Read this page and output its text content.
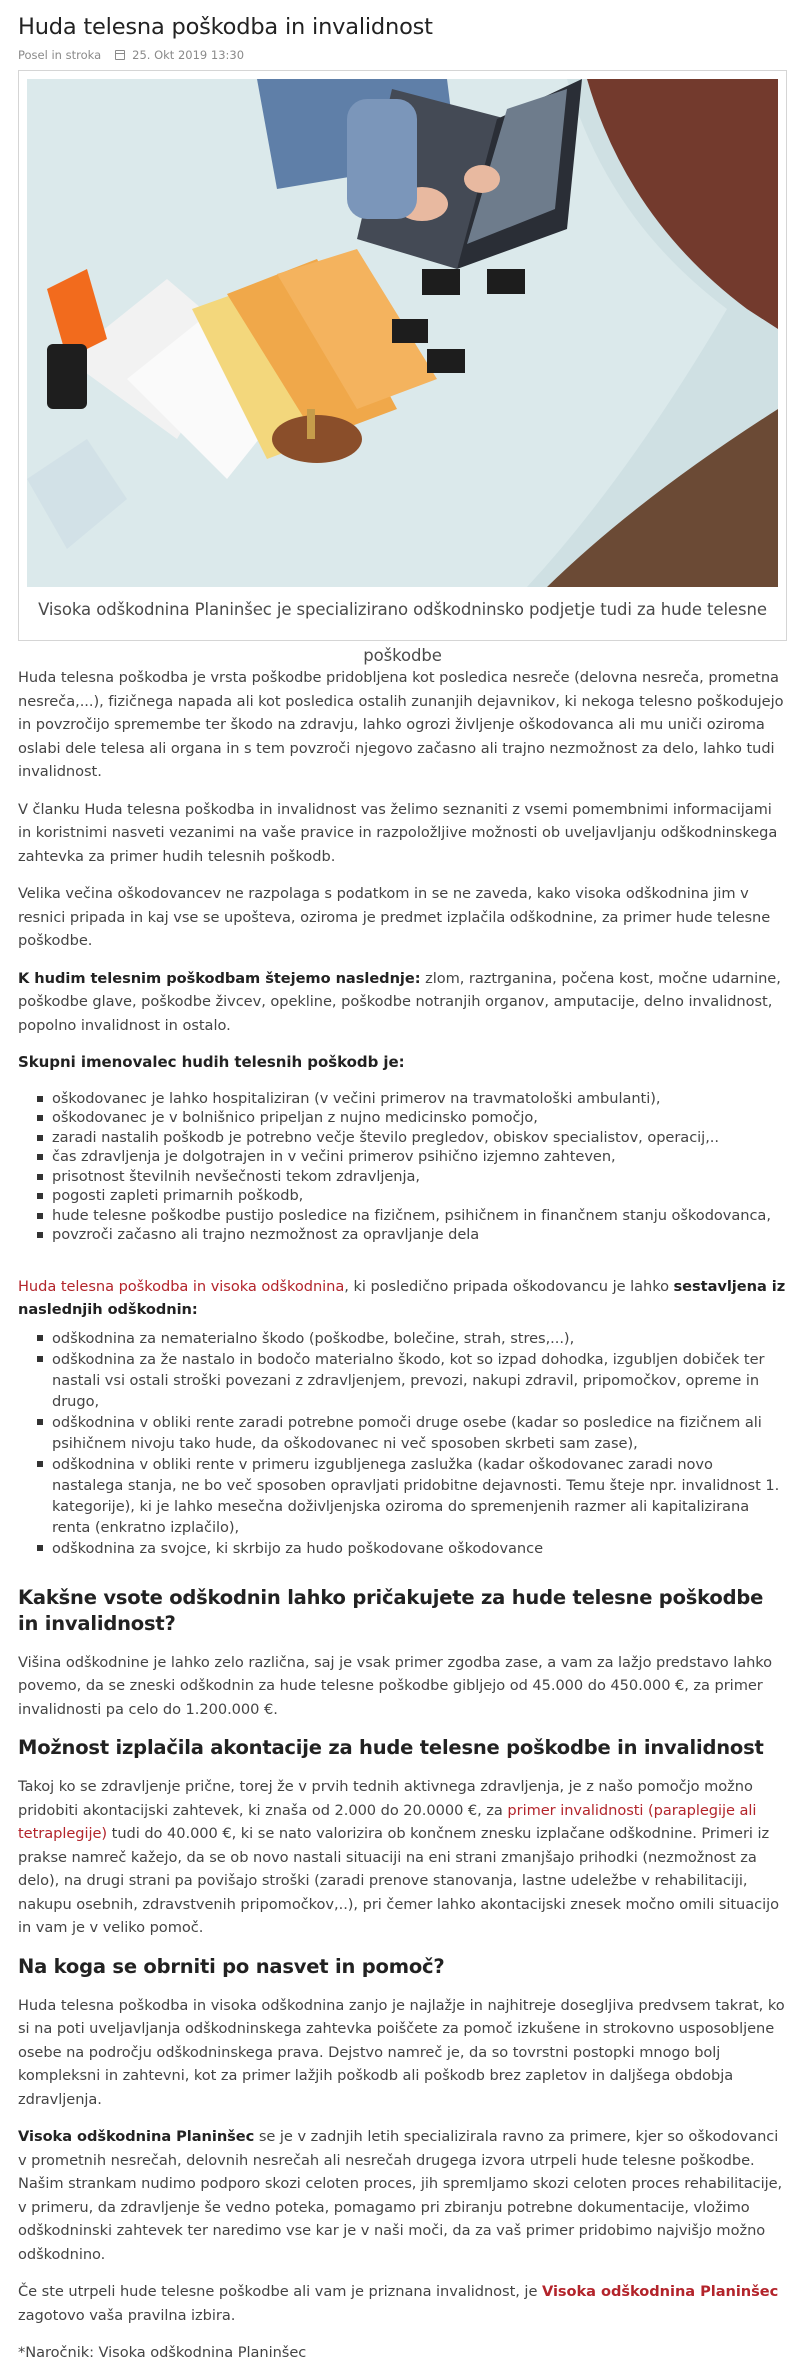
Huda telesna poškodba in invalidnost
Posel in stroka	25. Okt 2019 13:30
Visoka odškodnina Planinšec je specializirano odškodninsko podjetje tudi za hude telesne poškodbe

Huda telesna poškodba je vrsta poškodbe pridobljena kot posledica nesreče (delovna nesreča, prometna nesreča,...), fizičnega napada ali kot posledica ostalih zunanjih dejavnikov, ki nekoga telesno poškodujejo in povzročijo spremembe ter škodo na zdravju, lahko ogrozi življenje oškodovanca ali mu uniči oziroma oslabi dele telesa ali organa in s tem povzroči njegovo začasno ali trajno nezmožnost za delo, lahko tudi invalidnost.

V članku Huda telesna poškodba in invalidnost vas želimo seznaniti z vsemi pomembnimi informacijami in koristnimi nasveti vezanimi na vaše pravice in razpoložljive možnosti ob uveljavljanju odškodninskega zahtevka za primer hudih telesnih poškodb.

Velika večina oškodovancev ne razpolaga s podatkom in se ne zaveda, kako visoka odškodnina jim v resnici pripada in kaj vse se upošteva, oziroma je predmet izplačila odškodnine, za primer hude telesne poškodbe.

K hudim telesnim poškodbam štejemo naslednje: zlom, raztrganina, počena kost, močne udarnine, poškodbe glave, poškodbe živcev, opekline, poškodbe notranjih organov, amputacije, delno invalidnost, popolno invalidnost in ostalo.

Skupni imenovalec hudih telesnih poškodb je:
oškodovanec je lahko hospitaliziran (v večini primerov na travmatološki ambulanti),
oškodovanec je v bolnišnico pripeljan z nujno medicinsko pomočjo,
zaradi nastalih poškodb je potrebno večje število pregledov, obiskov specialistov, operacij,..
čas zdravljenja je dolgotrajen in v večini primerov psihično izjemno zahteven,
prisotnost številnih nevšečnosti tekom zdravljenja,
pogosti zapleti primarnih poškodb,
hude telesne poškodbe pustijo posledice na fizičnem, psihičnem in finančnem stanju oškodovanca,
povzroči začasno ali trajno nezmožnost za opravljanje dela

Huda telesna poškodba in visoka odškodnina, ki posledično pripada oškodovancu je lahko sestavljena iz naslednjih odškodnin:

odškodnina za nematerialno škodo (poškodbe, bolečine, strah, stres,...),
odškodnina za že nastalo in bodočo materialno škodo, kot so izpad dohodka, izgubljen dobiček ter nastali vsi ostali stroški povezani z zdravljenjem, prevozi, nakupi zdravil, pripomočkov, opreme in drugo,
odškodnina v obliki rente zaradi potrebne pomoči druge osebe (kadar so posledice na fizičnem ali psihičnem nivoju tako hude, da oškodovanec ni več sposoben skrbeti sam zase),
odškodnina v obliki rente v primeru izgubljenega zaslužka (kadar oškodovanec zaradi novo nastalega stanja, ne bo več sposoben opravljati pridobitne dejavnosti. Temu šteje npr. invalidnost 1. kategorije), ki je lahko mesečna doživljenjska oziroma do spremenjenih razmer ali kapitalizirana renta (enkratno izplačilo),
odškodnina za svojce, ki skrbijo za hudo poškodovane oškodovance
Kakšne vsote odškodnin lahko pričakujete za hude telesne poškodbe in invalidnost?

Višina odškodnine je lahko zelo različna, saj je vsak primer zgodba zase, a vam za lažjo predstavo lahko povemo, da se zneski odškodnin za hude telesne poškodbe gibljejo od 45.000 do 450.000 €, za primer invalidnosti pa celo do 1.200.000 €.

Možnost izplačila akontacije za hude telesne poškodbe in invalidnost

Takoj ko se zdravljenje prične, torej že v prvih tednih aktivnega zdravljenja, je z našo pomočjo možno pridobiti akontacijski zahtevek, ki znaša od 2.000 do 20.0000 €, za primer invalidnosti (paraplegije ali tetraplegije) tudi do 40.000 €, ki se nato valorizira ob končnem znesku izplačane odškodnine. Primeri iz prakse namreč kažejo, da se ob novo nastali situaciji na eni strani zmanjšajo prihodki (nezmožnost za delo), na drugi strani pa povišajo stroški (zaradi prenove stanovanja, lastne udeležbe v rehabilitaciji, nakupu osebnih, zdravstvenih pripomočkov,..), pri čemer lahko akontacijski znesek močno omili situacijo in vam je v veliko pomoč.

Na koga se obrniti po nasvet in pomoč?

Huda telesna poškodba in visoka odškodnina zanjo je najlažje in najhitreje dosegljiva predvsem takrat, ko si na poti uveljavljanja odškodninskega zahtevka poiščete za pomoč izkušene in strokovno usposobljene osebe na področju odškodninskega prava. Dejstvo namreč je, da so tovrstni postopki mnogo bolj kompleksni in zahtevni, kot za primer lažjih poškodb ali poškodb brez zapletov in daljšega obdobja zdravljenja.

Visoka odškodnina Planinšec se je v zadnjih letih specializirala ravno za primere, kjer so oškodovanci v prometnih nesrečah, delovnih nesrečah ali nesrečah drugega izvora utrpeli hude telesne poškodbe. Našim strankam nudimo podporo skozi celoten proces, jih spremljamo skozi celoten proces rehabilitacije, v primeru, da zdravljenje še vedno poteka, pomagamo pri zbiranju potrebne dokumentacije, vložimo odškodninski zahtevek ter naredimo vse kar je v naši moči, da za vaš primer pridobimo najvišjo možno odškodnino.

Če ste utrpeli hude telesne poškodbe ali vam je priznana invalidnost, je Visoka odškodnina Planinšec zagotovo vaša pravilna izbira.

*Naročnik: Visoka odškodnina Planinšec
